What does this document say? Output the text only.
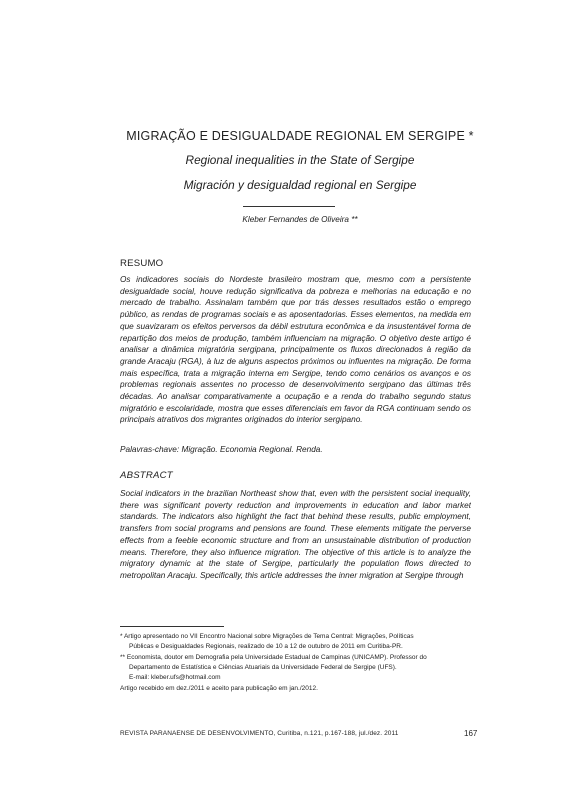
MIGRAÇÃO E DESIGUALDADE REGIONAL EM SERGIPE *
Regional inequalities in the State of Sergipe
Migración y desigualdad regional en Sergipe
Kleber Fernandes de Oliveira **
RESUMO

Os indicadores sociais do Nordeste brasileiro mostram que, mesmo com a persistente desigualdade social, houve redução significativa da pobreza e melhorias na educação e no mercado de trabalho. Assinalam também que por trás desses resultados estão o emprego público, as rendas de programas sociais e as aposentadorias. Esses elementos, na medida em que suavizaram os efeitos perversos da débil estrutura econômica e da insustentável forma de repartição dos meios de produção, também influenciam na migração. O objetivo deste artigo é analisar a dinâmica migratória sergipana, principalmente os fluxos direcionados à região da grande Aracaju (RGA), à luz de alguns aspectos próximos ou influentes na migração. De forma mais específica, trata a migração interna em Sergipe, tendo como cenários os avanços e os problemas regionais assentes no processo de desenvolvimento sergipano das últimas três décadas. Ao analisar comparativamente a ocupação e a renda do trabalho segundo status migratório e escolaridade, mostra que esses diferenciais em favor da RGA continuam sendo os principais atrativos dos migrantes originados do interior sergipano.

Palavras-chave: Migração. Economia Regional. Renda.
ABSTRACT

Social indicators in the brazilian Northeast show that, even with the persistent social inequality, there was significant poverty reduction and improvements in education and labor market standards. The indicators also highlight the fact that behind these results, public employment, transfers from social programs and pensions are found. These elements mitigate the perverse effects from a feeble economic structure and from an unsustainable distribution of production means. Therefore, they also influence migration. The objective of this article is to analyze the migratory dynamic at the state of Sergipe, particularly the population flows directed to metropolitan Aracaju. Specifically, this article addresses the inner migration at Sergipe through

* Artigo apresentado no VII Encontro Nacional sobre Migrações de Tema Central: Migrações, Políticas
Públicas e Desigualdades Regionais, realizado de 10 a 12 de outubro de 2011 em Curitiba-PR.
** Economista, doutor em Demografia pela Universidade Estadual de Campinas (UNICAMP). Professor do
Departamento de Estatística e Ciências Atuariais da Universidade Federal de Sergipe (UFS).
E-mail: kleber.ufs@hotmail.com
Artigo recebido em dez./2011 e aceito para publicação em jan./2012.
REVISTA PARANAENSE DE DESENVOLVIMENTO, Curitiba, n.121, p.167-188, jul./dez. 2011	167
